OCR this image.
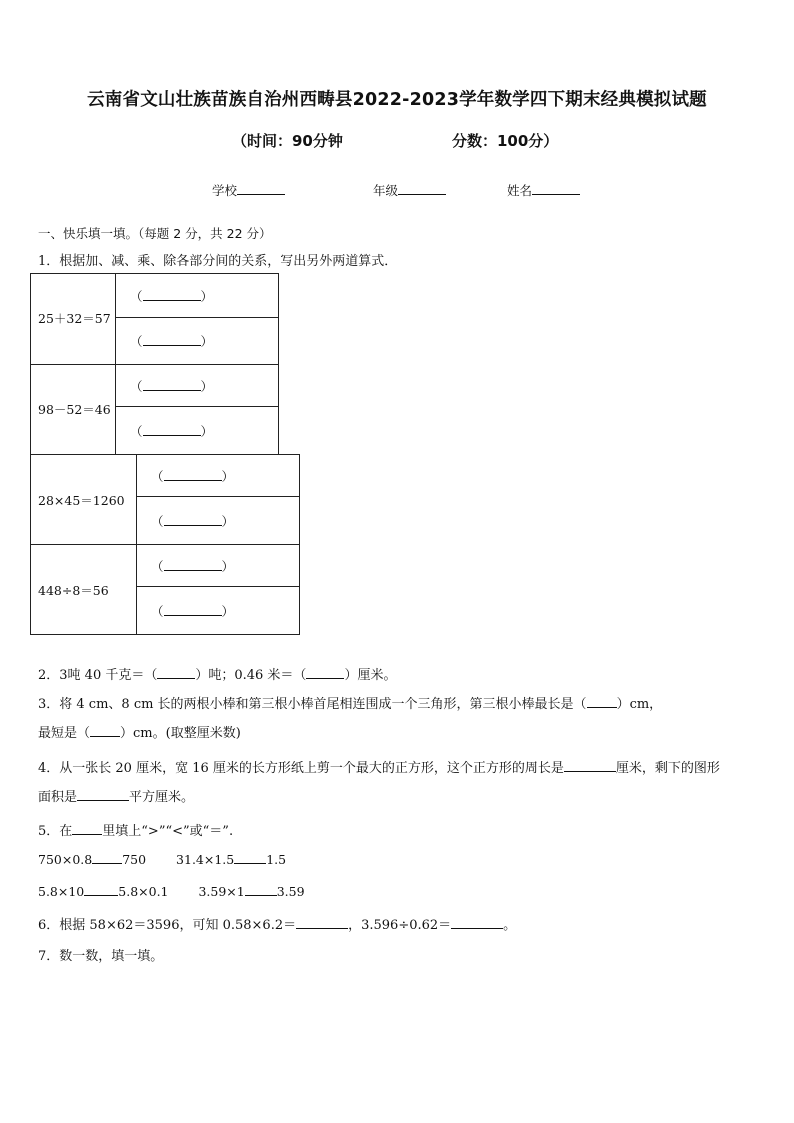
云南省文山壮族苗族自治州西畴县2022-2023学年数学四下期末经典模拟试题
（时间：90分钟	分数：100分）
学校	年级	姓名
一、快乐填一填。（每题 2 分，共 22 分）
1．根据加、减、乘、除各部分间的关系，写出另外两道算式．
25＋32＝57	（ ）
	（ ）
98－52＝46	（ ）
	（ ）
28×45＝1260	（ ）
	（ ）
448÷8＝56	（ ）
	（ ）
2．3吨 40 千克＝（	）吨；0.46 米＝（	）厘米。
3．将 4 cm、8 cm 长的两根小棒和第三根小棒首尾相连围成一个三角形，第三根小棒最长是（ ）cm，
最短是（ ）cm。(取整厘米数)
4．从一张长 20 厘米，宽 16 厘米的长方形纸上剪一个最大的正方形，这个正方形的周长是	厘米，剩下的图形
面积是	平方厘米。
5．在 里填上“>”“<”或“＝”.
750×0.8 750 31.4×1.5	1.5
5.8×10	5.8×0.1 3.59×1	3.59
6．根据 58×62＝3596，可知 0.58×6.2＝	，3.596÷0.62＝	。
7．数一数，填一填。
